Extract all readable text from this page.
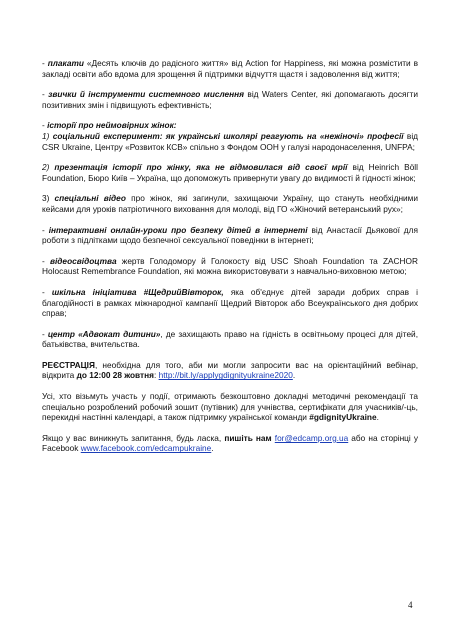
- плакати «Десять ключів до радісного життя» від Action for Happiness, які можна розмістити в закладі освіти або вдома для зрощення й підтримки відчуття щастя і задоволення від життя;

- звички й інструменти системного мислення від Waters Center, які допомагають досягти позитивних змін і підвищують ефективність;

- історії про неймовірних жінок:
1) соціальний експеримент: як українські школярі реагують на «нежіночі» професії від CSR Ukraine, Центру «Розвиток КСВ» спільно з Фондом ООН у галузі народонаселення, UNFPA;

2) презентація історії про жінку, яка не відмовилася від своєї мрії від Heinrich Böll Foundation, Бюро Київ – Україна, що допоможуть привернути увагу до видимості й гідності жінок;

3) спеціальні відео про жінок, які загинули, захищаючи Україну, що стануть необхідними кейсами для уроків патріотичного виховання для молоді, від ГО «Жіночий ветеранський рух»;

- інтерактивні онлайн-уроки про безпеку дітей в інтернеті від Анастасії Дьякової для роботи з підлітками щодо безпечної сексуальної поведінки в інтернеті;

- відеосвідоцтва жертв Голодомору й Голокосту від USC Shoah Foundation та ZACHOR Holocaust Remembrance Foundation, які можна використовувати з навчально-виховною метою;

- шкільна ініціатива #ЩедрийВівторок, яка об'єднує дітей заради добрих справ і благодійності в рамках міжнародної кампанії Щедрий Вівторок або Всеукраїнського дня добрих справ;

- центр «Адвокат дитини», де захищають право на гідність в освітньому процесі для дітей, батьківства, вчительства.

РЕЄСТРАЦІЯ, необхідна для того, аби ми могли запросити вас на орієнтаційний вебінар, відкрита до 12:00 28 жовтня: http://bit.ly/applygdignityukraine2020.

Усі, хто візьмуть участь у події, отримають безкоштовно докладні методичні рекомендації та спеціально розроблений робочий зошит (путівник) для учнівства, сертифікати для учасників/-ць, перекидні настінні календарі, а також підтримку української команди #gdignityUkraine.

Якщо у вас виникнуть запитання, будь ласка, пишіть нам for@edcamp.org.ua або на сторінці у Facebook www.facebook.com/edcampukraine.

4
